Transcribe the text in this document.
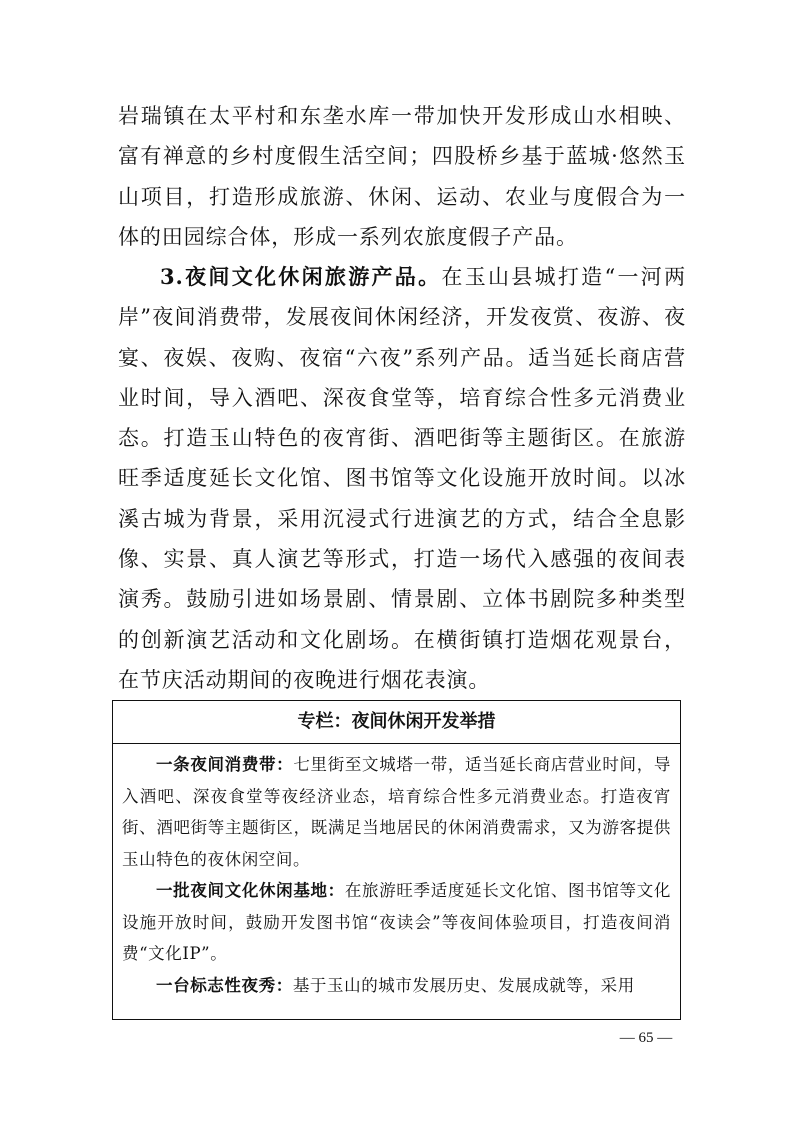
岩瑞镇在太平村和东垄水库一带加快开发形成山水相映、富有禅意的乡村度假生活空间；四股桥乡基于蓝城·悠然玉山项目，打造形成旅游、休闲、运动、农业与度假合为一体的田园综合体，形成一系列农旅度假子产品。

3.夜间文化休闲旅游产品。在玉山县城打造“一河两岸”夜间消费带，发展夜间休闲经济，开发夜赏、夜游、夜宴、夜娱、夜购、夜宿“六夜”系列产品。适当延长商店营业时间，导入酒吧、深夜食堂等，培育综合性多元消费业态。打造玉山特色的夜宵街、酒吧街等主题街区。在旅游旺季适度延长文化馆、图书馆等文化设施开放时间。以冰溪古城为背景，采用沉浸式行进演艺的方式，结合全息影像、实景、真人演艺等形式，打造一场代入感强的夜间表演秀。鼓励引进如场景剧、情景剧、立体书剧院多种类型的创新演艺活动和文化剧场。在横街镇打造烟花观景台，在节庆活动期间的夜晚进行烟花表演。

专栏：夜间休闲开发举措

一条夜间消费带：七里街至文城塔一带，适当延长商店营业时间，导入酒吧、深夜食堂等夜经济业态，培育综合性多元消费业态。打造夜宵街、酒吧街等主题街区，既满足当地居民的休闲消费需求，又为游客提供玉山特色的夜休闲空间。

一批夜间文化休闲基地：在旅游旺季适度延长文化馆、图书馆等文化设施开放时间，鼓励开发图书馆“夜读会”等夜间体验项目，打造夜间消费“文化IP”。

一台标志性夜秀：基于玉山的城市发展历史、发展成就等，采用

— 65 —
